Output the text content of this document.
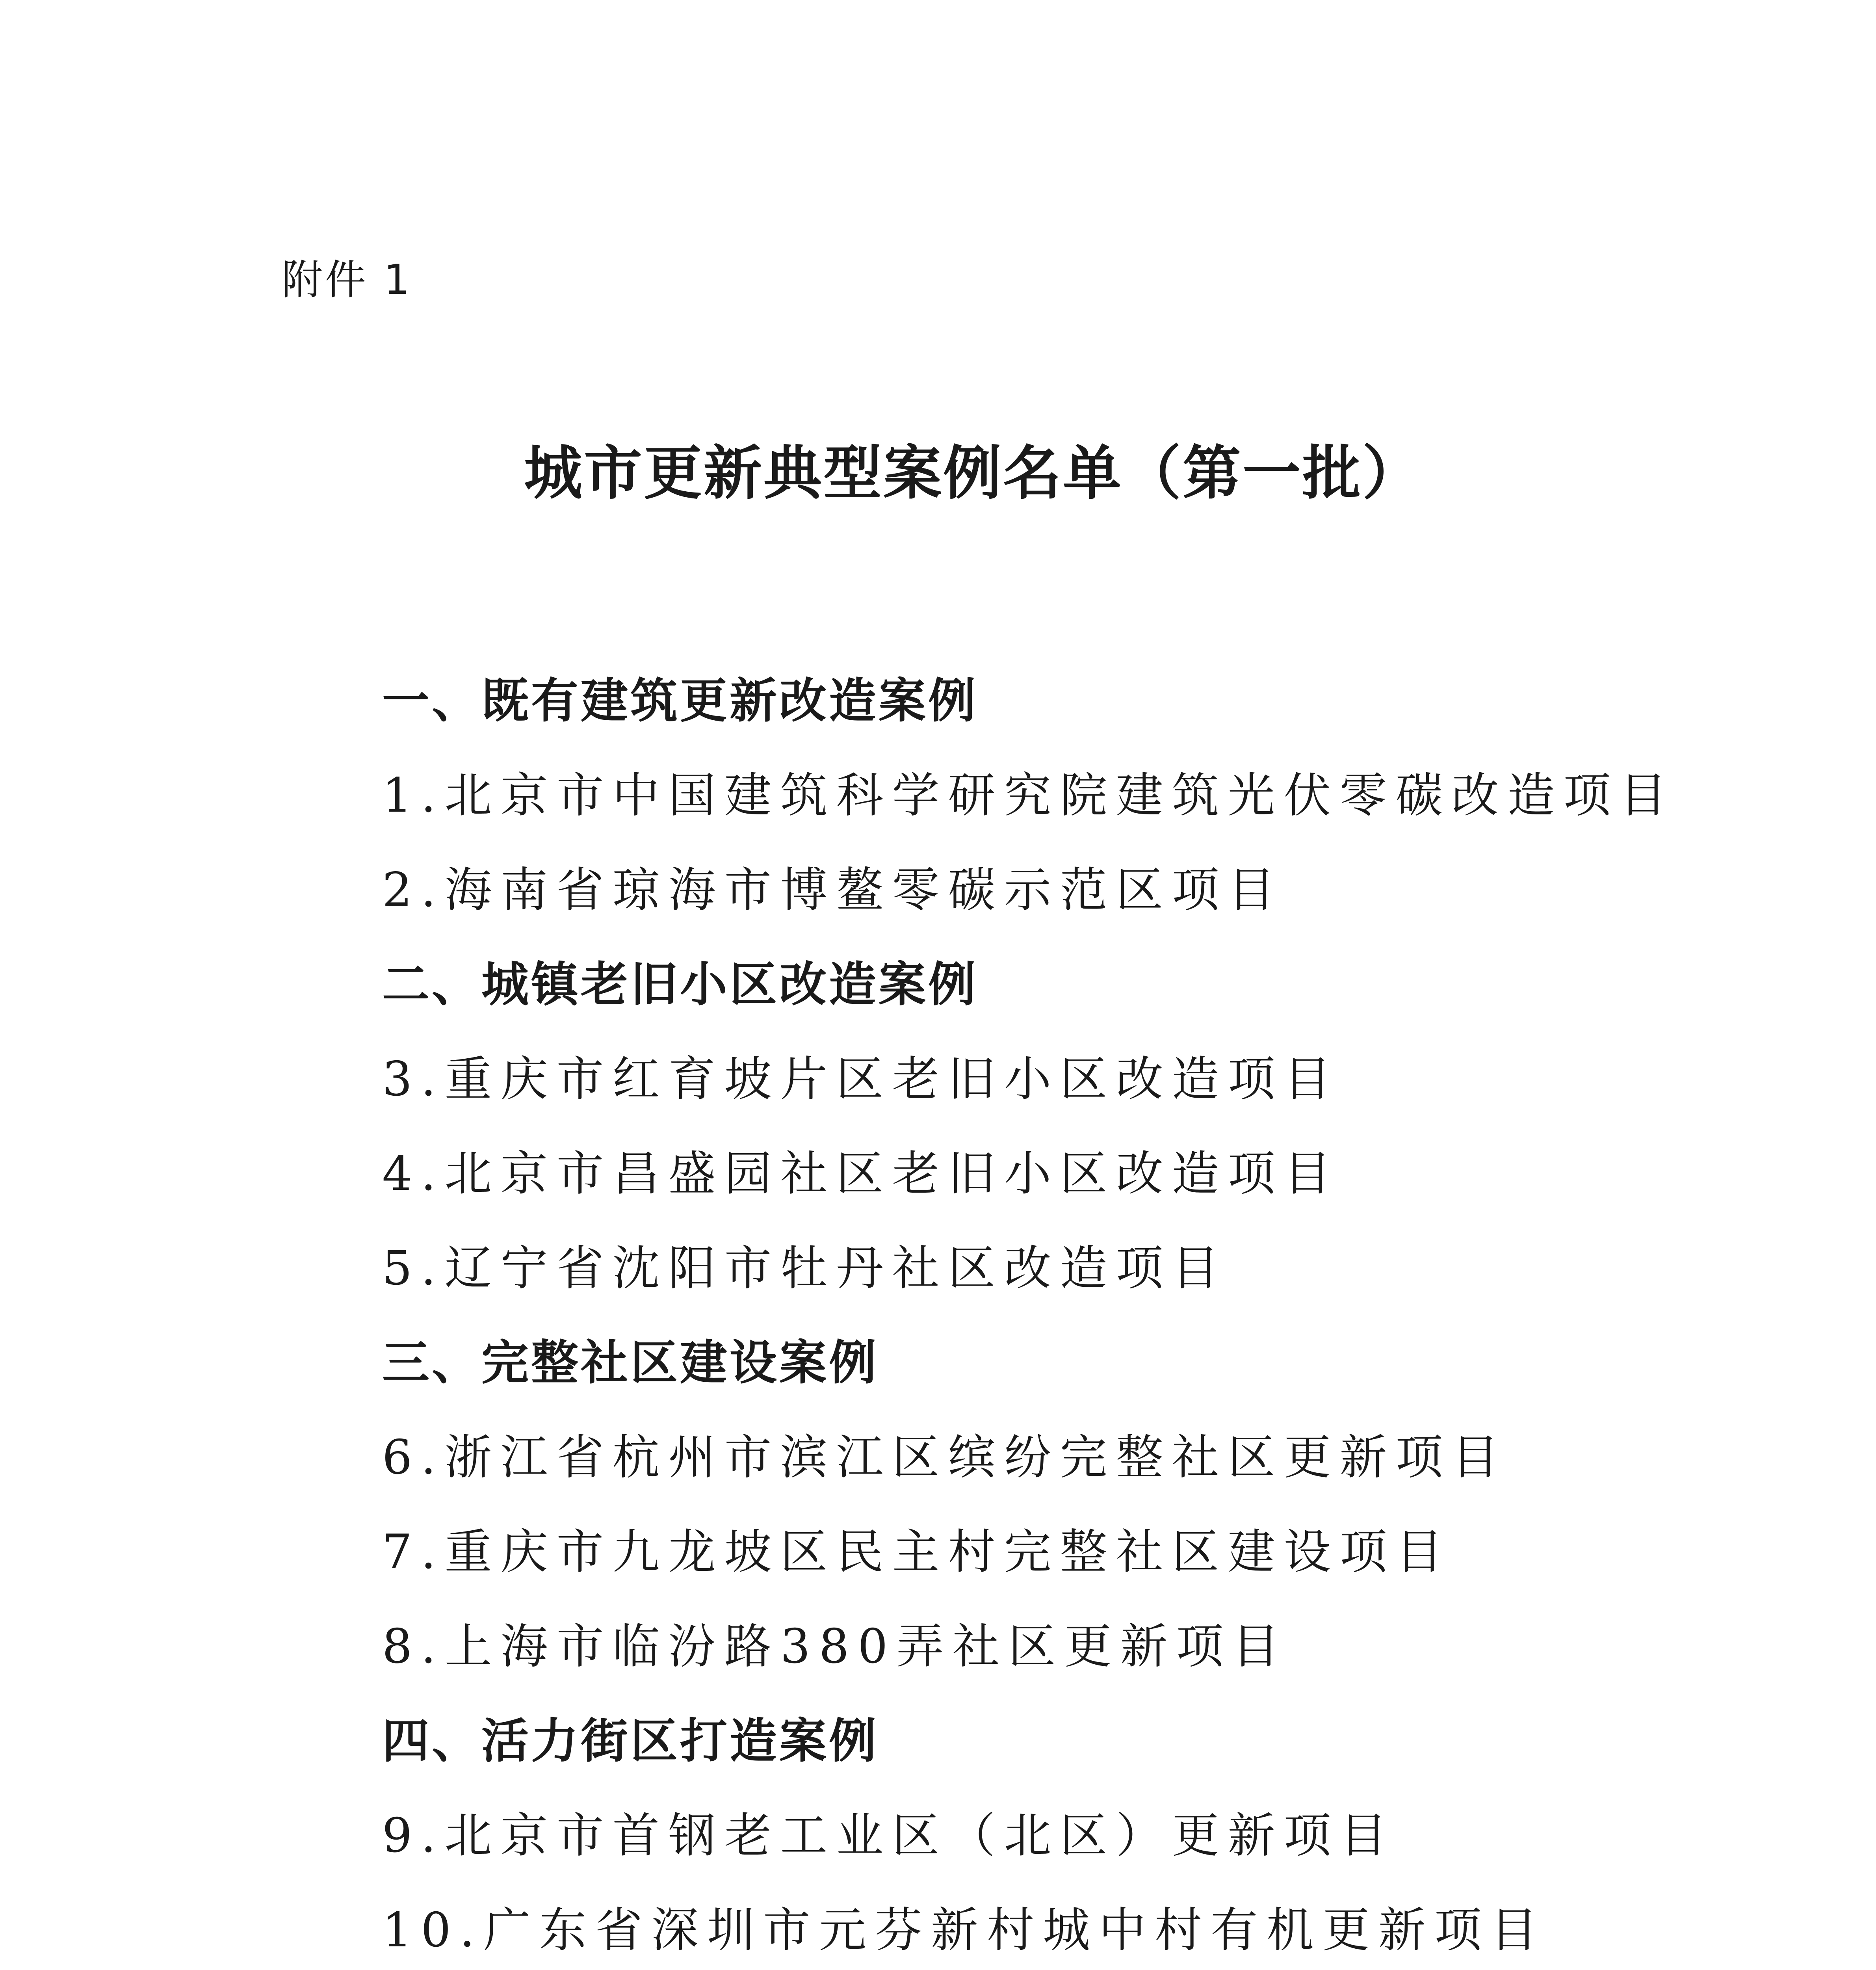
附件 1
城市更新典型案例名单（第一批）
一、既有建筑更新改造案例
1.北京市中国建筑科学研究院建筑光伏零碳改造项目
2.海南省琼海市博鳌零碳示范区项目
二、城镇老旧小区改造案例
3.重庆市红育坡片区老旧小区改造项目
4.北京市昌盛园社区老旧小区改造项目
5.辽宁省沈阳市牡丹社区改造项目
三、完整社区建设案例
6.浙江省杭州市滨江区缤纷完整社区更新项目
7.重庆市九龙坡区民主村完整社区建设项目
8.上海市临汾路380弄社区更新项目
四、活力街区打造案例
9.北京市首钢老工业区（北区）更新项目
10.广东省深圳市元芬新村城中村有机更新项目
